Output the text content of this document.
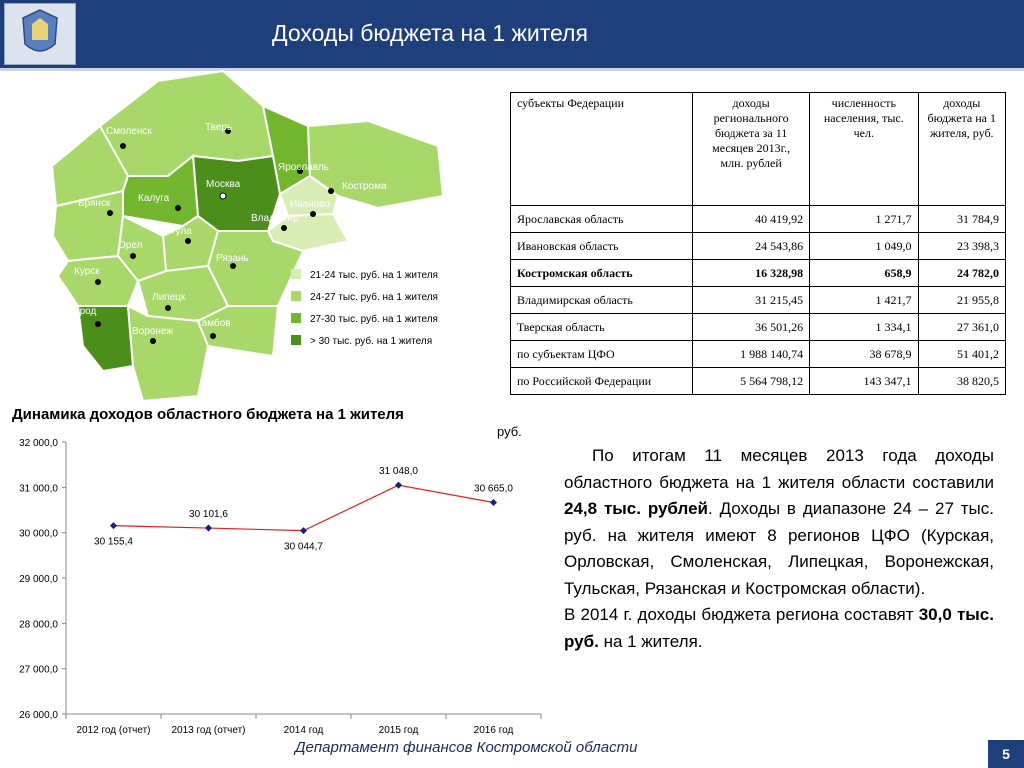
Доходы бюджета на 1 жителя
Смоленск	Тверь
Ярославль
Кострома
Москва
Калуга
Брянск
Тула
Иваново
Владимир
Орел
Рязань
Курск
Липецк
Белгород
Воронеж
Тамбов
21-24 тыс. руб. на 1 жителя
24-27 тыс. руб. на 1 жителя
27-30 тыс. руб. на 1 жителя
> 30 тыс. руб. на 1 жителя
субъекты Федерации	доходы регионального бюджета за 11 месяцев 2013г., млн. рублей	численность населения, тыс. чел.	доходы бюджета на 1 жителя, руб.
Ярославская область	40 419,92	1 271,7	31 784,9
Ивановская область	24 543,86	1 049,0	23 398,3
Костромская область	16 328,98	658,9	24 782,0
Владимирская область	31 215,45	1 421,7	21 955,8
Тверская область	36 501,26	1 334,1	27 361,0
по субъектам ЦФО	1 988 140,74	38 678,9	51 401,2
по Российской Федерации	5 564 798,12	143 347,1	38 820,5
Динамика доходов областного бюджета на 1 жителя
руб.
26 000,0
27 000,0
28 000,0
29 000,0
30 000,0
31 000,0
32 000,0
2012 год (отчет) 2013 год (отчет)	2014 год	2015 год	2016 год
30 155,4
30 101,6
30 044,7
31 048,0
30 665,0

По итогам 11 месяцев 2013 года доходы областного бюджета на 1 жителя области составили 24,8 тыс. рублей. Доходы в диапазоне 24 – 27 тыс. руб. на жителя имеют 8 регионов ЦФО (Курская, Орловская, Смоленская, Липецкая, Воронежская, Тульская, Рязанская и Костромская области).

В 2014 г. доходы бюджета региона составят 30,0 тыс. руб. на 1 жителя.

Департамент финансов Костромской области	5
